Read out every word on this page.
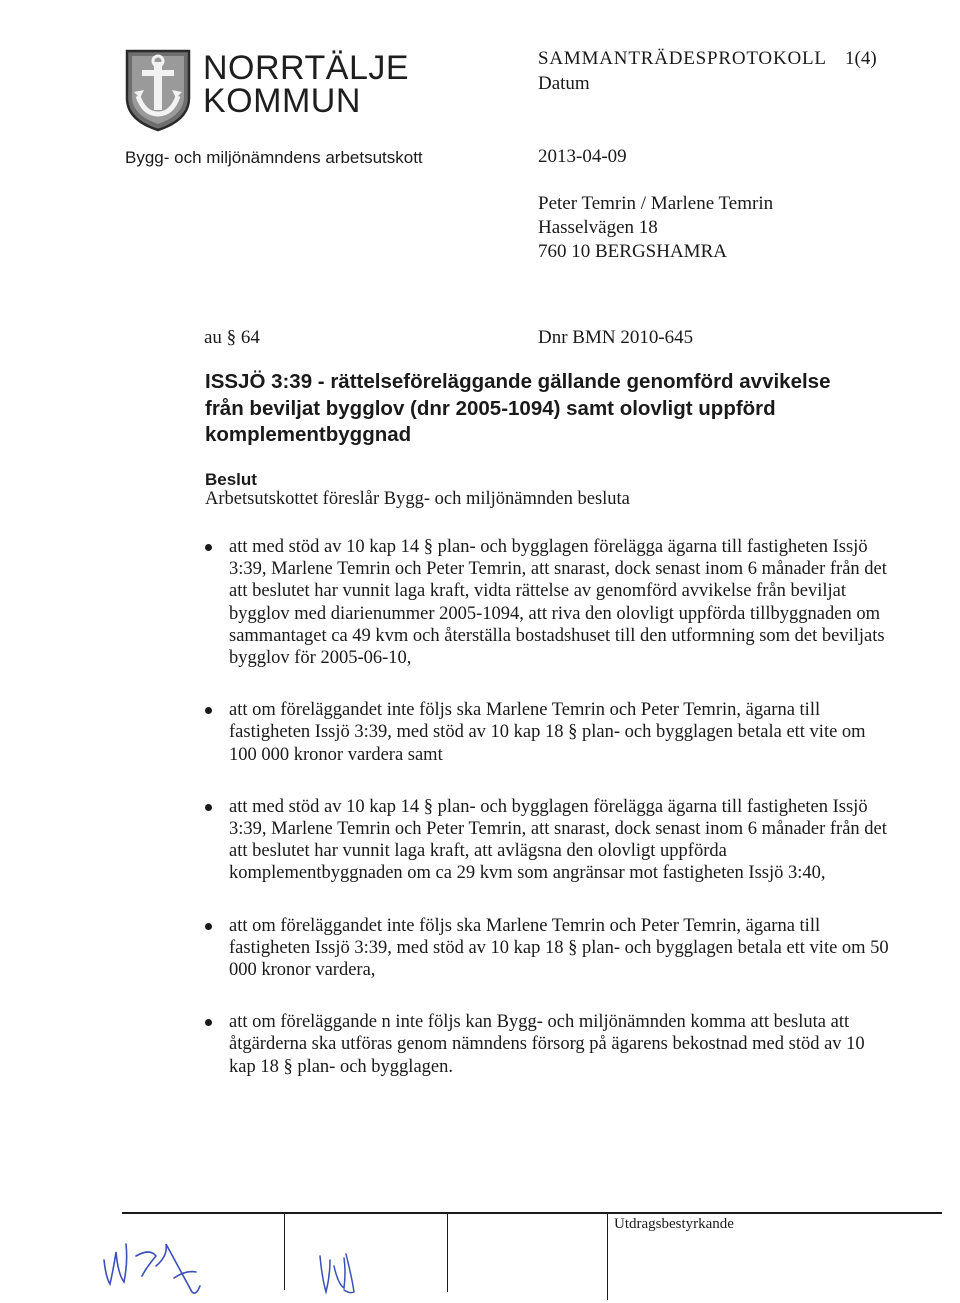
NORRTÄLJE
KOMMUN
Bygg- och miljönämndens arbetsutskott
SAMMANTRÄDESPROTOKOLL 1(4)
Datum
2013-04-09
Peter Temrin / Marlene Temrin
Hasselvägen 18
760 10 BERGSHAMRA
au § 64	Dnr BMN 2010-645
ISSJÖ 3:39 - rättelseföreläggande gällande genomförd avvikelse
från beviljat bygglov (dnr 2005-1094) samt olovligt uppförd
komplementbyggnad
Beslut
Arbetsutskottet föreslår Bygg- och miljönämnden besluta
att med stöd av 10 kap 14 § plan- och bygglagen förelägga ägarna till fastigheten Issjö
3:39, Marlene Temrin och Peter Temrin, att snarast, dock senast inom 6 månader från det
att beslutet har vunnit laga kraft, vidta rättelse av genomförd avvikelse från beviljat
bygglov med diarienummer 2005-1094, att riva den olovligt uppförda tillbyggnaden om
sammantaget ca 49 kvm och återställa bostadshuset till den utformning som det beviljats
bygglov för 2005-06-10,
att om föreläggandet inte följs ska Marlene Temrin och Peter Temrin, ägarna till
fastigheten Issjö 3:39, med stöd av 10 kap 18 § plan- och bygglagen betala ett vite om
100 000 kronor vardera samt
att med stöd av 10 kap 14 § plan- och bygglagen förelägga ägarna till fastigheten Issjö
3:39, Marlene Temrin och Peter Temrin, att snarast, dock senast inom 6 månader från det
att beslutet har vunnit laga kraft, att avlägsna den olovligt uppförda
komplementbyggnaden om ca 29 kvm som angränsar mot fastigheten Issjö 3:40,
att om föreläggandet inte följs ska Marlene Temrin och Peter Temrin, ägarna till
fastigheten Issjö 3:39, med stöd av 10 kap 18 § plan- och bygglagen betala ett vite om 50
000 kronor vardera,
att om föreläggande n inte följs kan Bygg- och miljönämnden komma att besluta att
åtgärderna ska utföras genom nämndens försorg på ägarens bekostnad med stöd av 10
kap 18 § plan- och bygglagen.
Utdragsbestyrkande
